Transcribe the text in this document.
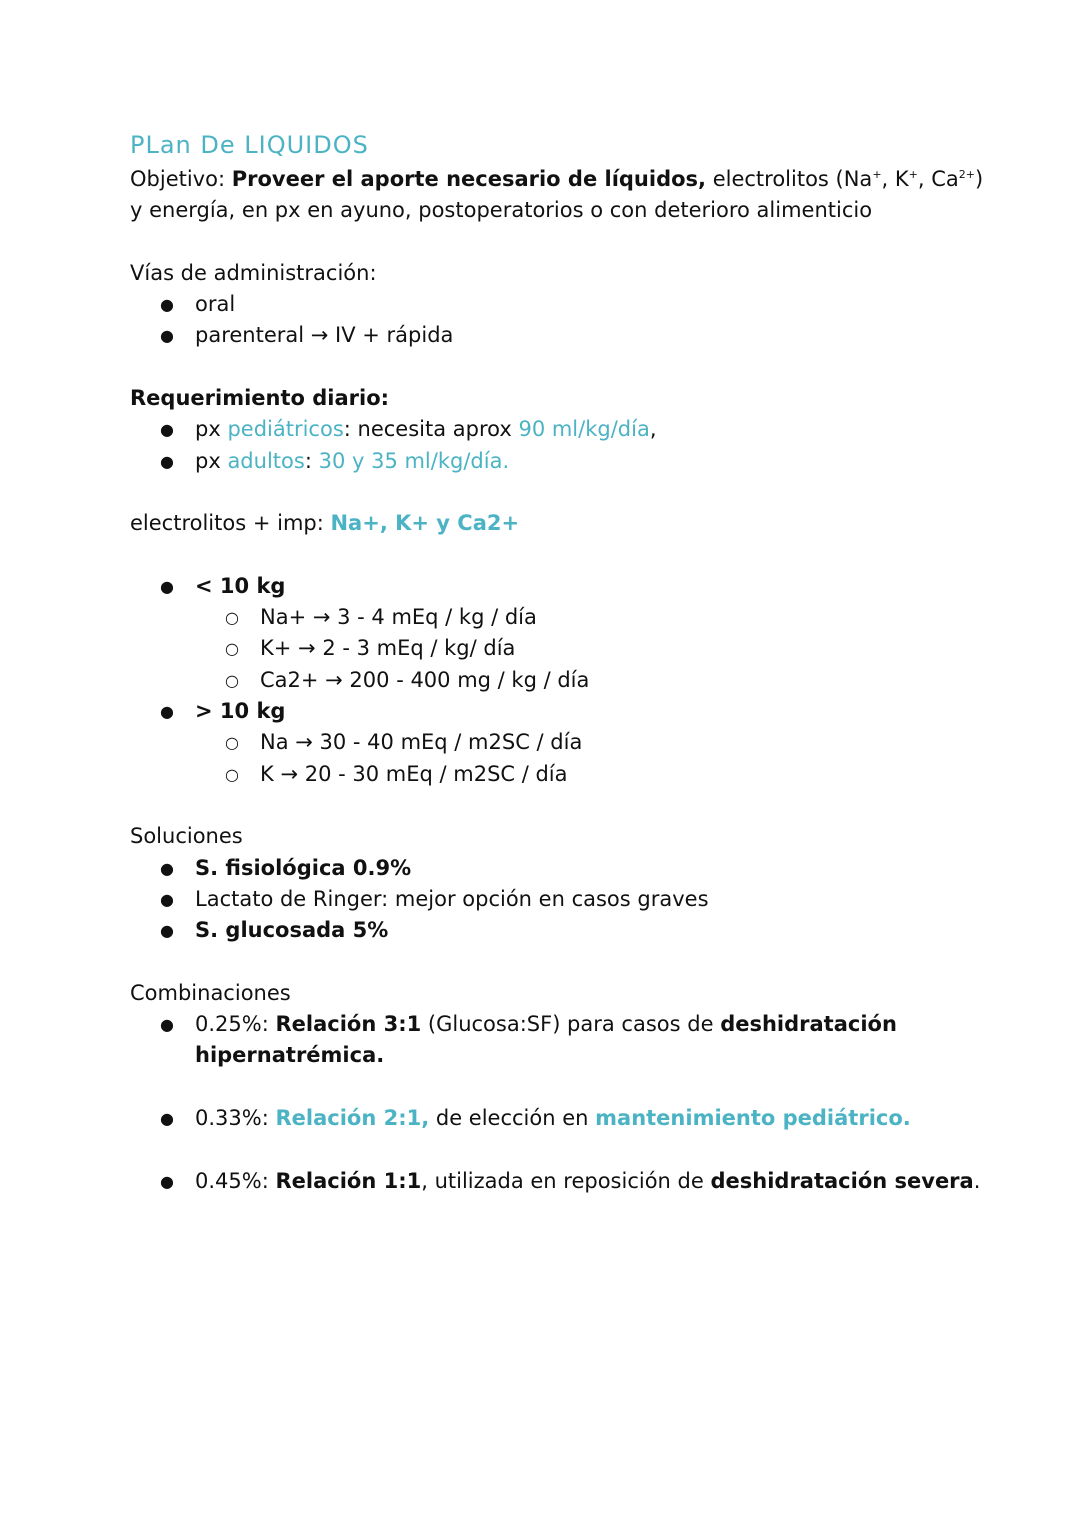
PLan De LIQUIDOS

Objetivo: Proveer el aporte necesario de líquidos, electrolitos (Na+, K+, $Ca^{2+}$)
y energía, en px en ayuno, postoperatorios o con deterioro alimenticio

Vías de administración:

● oral
● parenteral → IV + rápida

Requerimiento diario:

● px pediátricos: necesita aprox 90 ml/kg/día,
● px adultos: 30 y 35 ml/kg/día.

electrolitos + imp: Na+, K+ y Ca2+

● < 10 kg
○ Na+ → 3 - 4 mEq / kg / día
○ K+ → 2 - 3 mEq / kg/ día
○ Ca2+ → 200 - 400 mg / kg / día
● > 10 kg
○ Na → 30 - 40 mEq / m2SC / día
○ K → 20 - 30 mEq / m2SC / día

Soluciones

● S. fisiológica 0.9%
● Lactato de Ringer: mejor opción en casos graves
● S. glucosada 5%

Combinaciones

● 0.25%: Relación 3:1 (Glucosa:SF) para casos de deshidratación hipernatrémica.
● 0.33%: Relación 2:1, de elección en mantenimiento pediátrico.
● 0.45%: Relación 1:1, utilizada en reposición de deshidratación severa.
